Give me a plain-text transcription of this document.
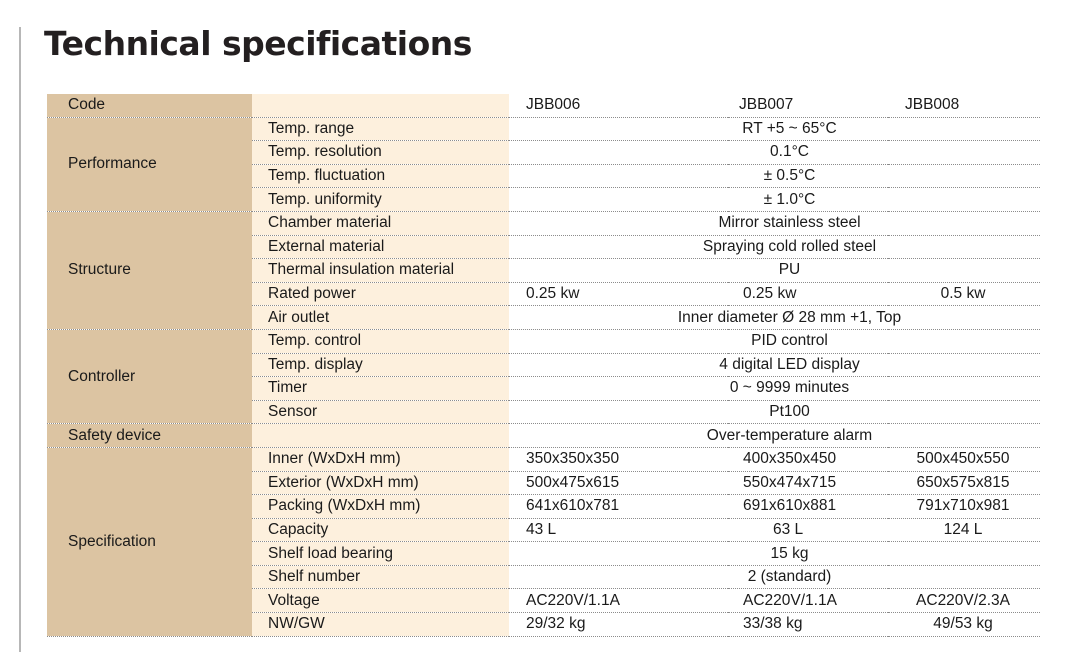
Technical specifications
Code		JBB006	JBB007	JBB008
Performance	Temp. range	RT +5 ~ 65°C		
	Temp. resolution	0.1°C		
	Temp. fluctuation	± 0.5°C		
	Temp. uniformity	± 1.0°C		
Structure	Chamber material	Mirror stainless steel		
	External material	Spraying cold rolled steel		
	Thermal insulation material	PU		
	Rated power	0.25 kw	0.25 kw	0.5 kw
	Air outlet	Inner diameter Ø 28 mm +1, Top		
Controller	Temp. control	PID control		
	Temp. display	4 digital LED display		
	Timer	0 ~ 9999 minutes		
	Sensor	Pt100		
Safety device		Over-temperature alarm		
Specification	Inner (WxDxH mm)	350x350x350	400x350x450	500x450x550
	Exterior (WxDxH mm)	500x475x615	550x474x715	650x575x815
	Packing (WxDxH mm)	641x610x781	691x610x881	791x710x981
	Capacity	43 L	63 L	124 L
	Shelf load bearing	15 kg		
	Shelf number	2 (standard)		
	Voltage	AC220V/1.1A	AC220V/1.1A	AC220V/2.3A
	NW/GW	29/32 kg	33/38 kg	49/53 kg
